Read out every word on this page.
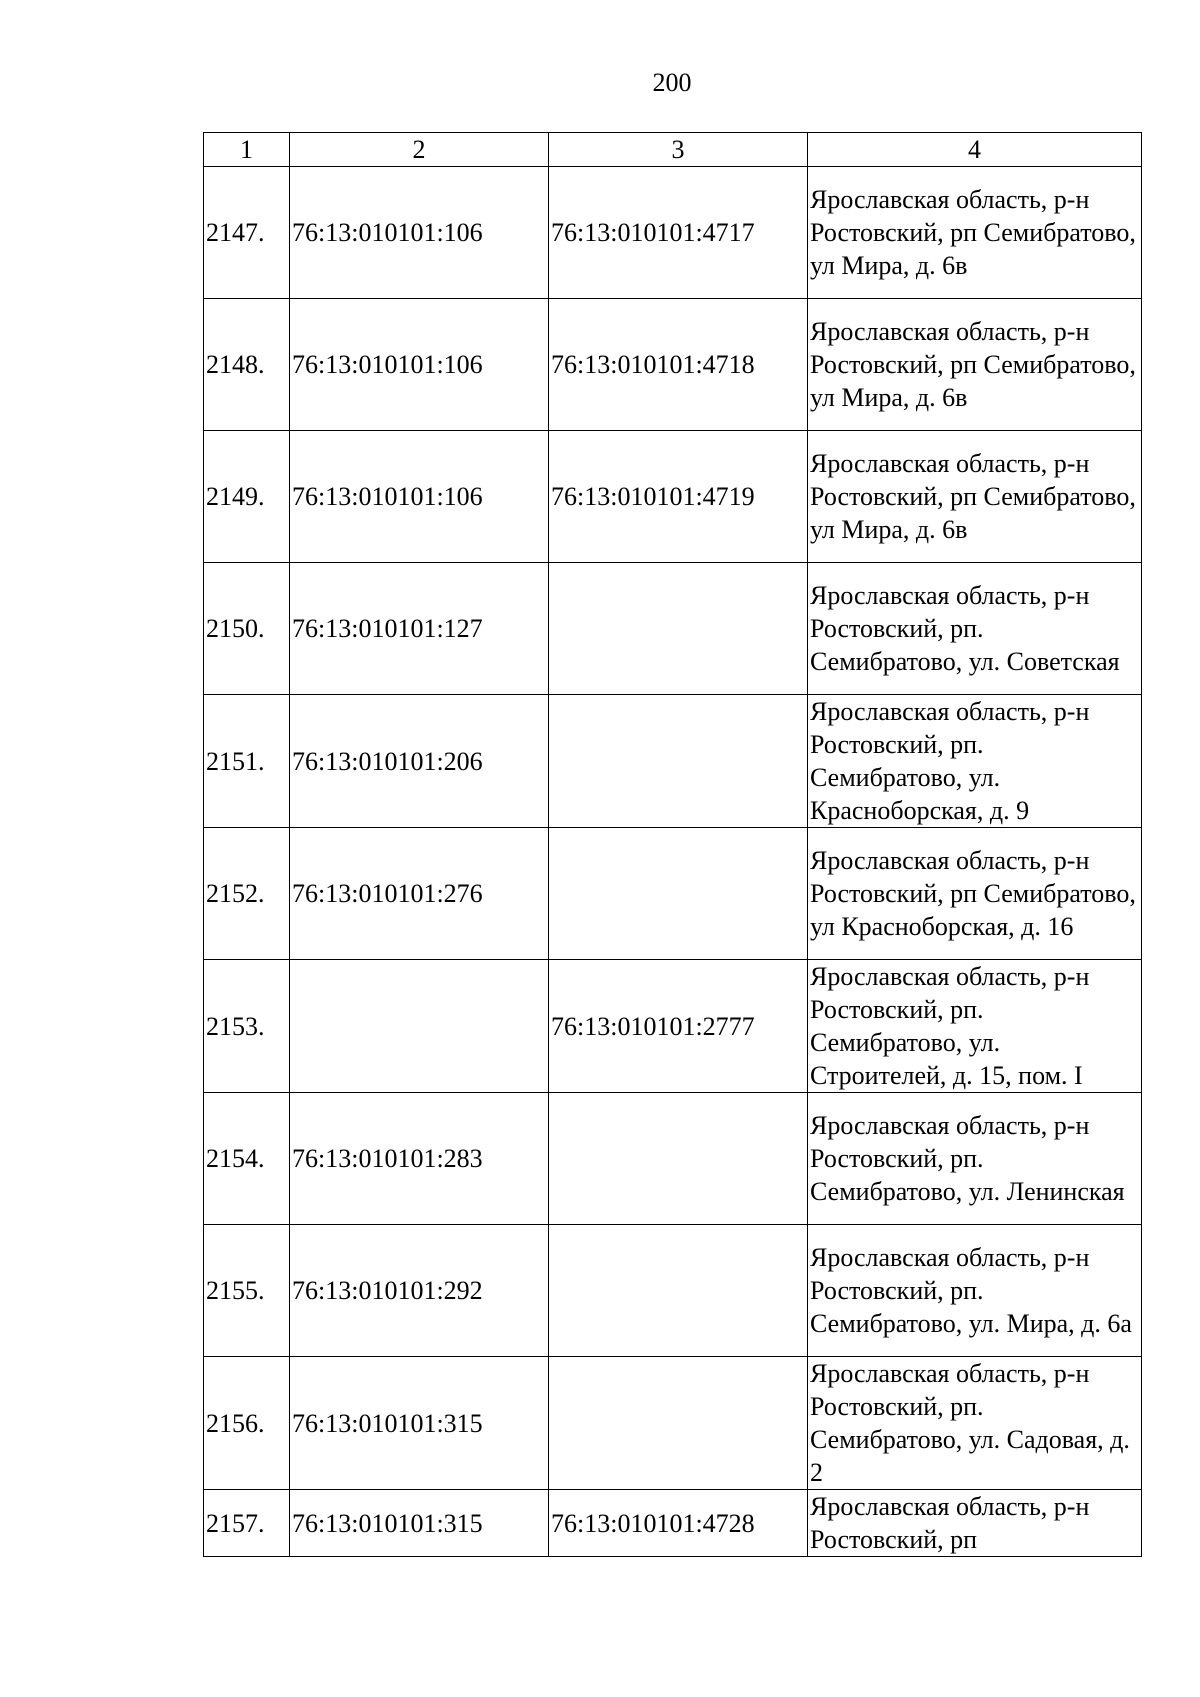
200
1	2	3	4
2147.	76:13:010101:106	76:13:010101:4717	Ярославская область, р-н Ростовский, рп Семибратово, ул Мира, д. 6в
2148.	76:13:010101:106	76:13:010101:4718	Ярославская область, р-н Ростовский, рп Семибратово, ул Мира, д. 6в
2149.	76:13:010101:106	76:13:010101:4719	Ярославская область, р-н Ростовский, рп Семибратово, ул Мира, д. 6в
2150.	76:13:010101:127		Ярославская область, р-н Ростовский, рп. Семибратово, ул. Советская
2151.	76:13:010101:206		Ярославская область, р-н Ростовский, рп. Семибратово, ул. Красноборская, д. 9
2152.	76:13:010101:276		Ярославская область, р-н Ростовский, рп Семибратово, ул Красноборская, д. 16
2153.		76:13:010101:2777	Ярославская область, р-н Ростовский, рп. Семибратово, ул. Строителей, д. 15, пом. I
2154.	76:13:010101:283		Ярославская область, р-н Ростовский, рп. Семибратово, ул. Ленинская
2155.	76:13:010101:292		Ярославская область, р-н Ростовский, рп. Семибратово, ул. Мира, д. 6а
2156.	76:13:010101:315		Ярославская область, р-н Ростовский, рп. Семибратово, ул. Садовая, д. 2
2157.	76:13:010101:315	76:13:010101:4728	Ярославская область, р-н Ростовский, рп
